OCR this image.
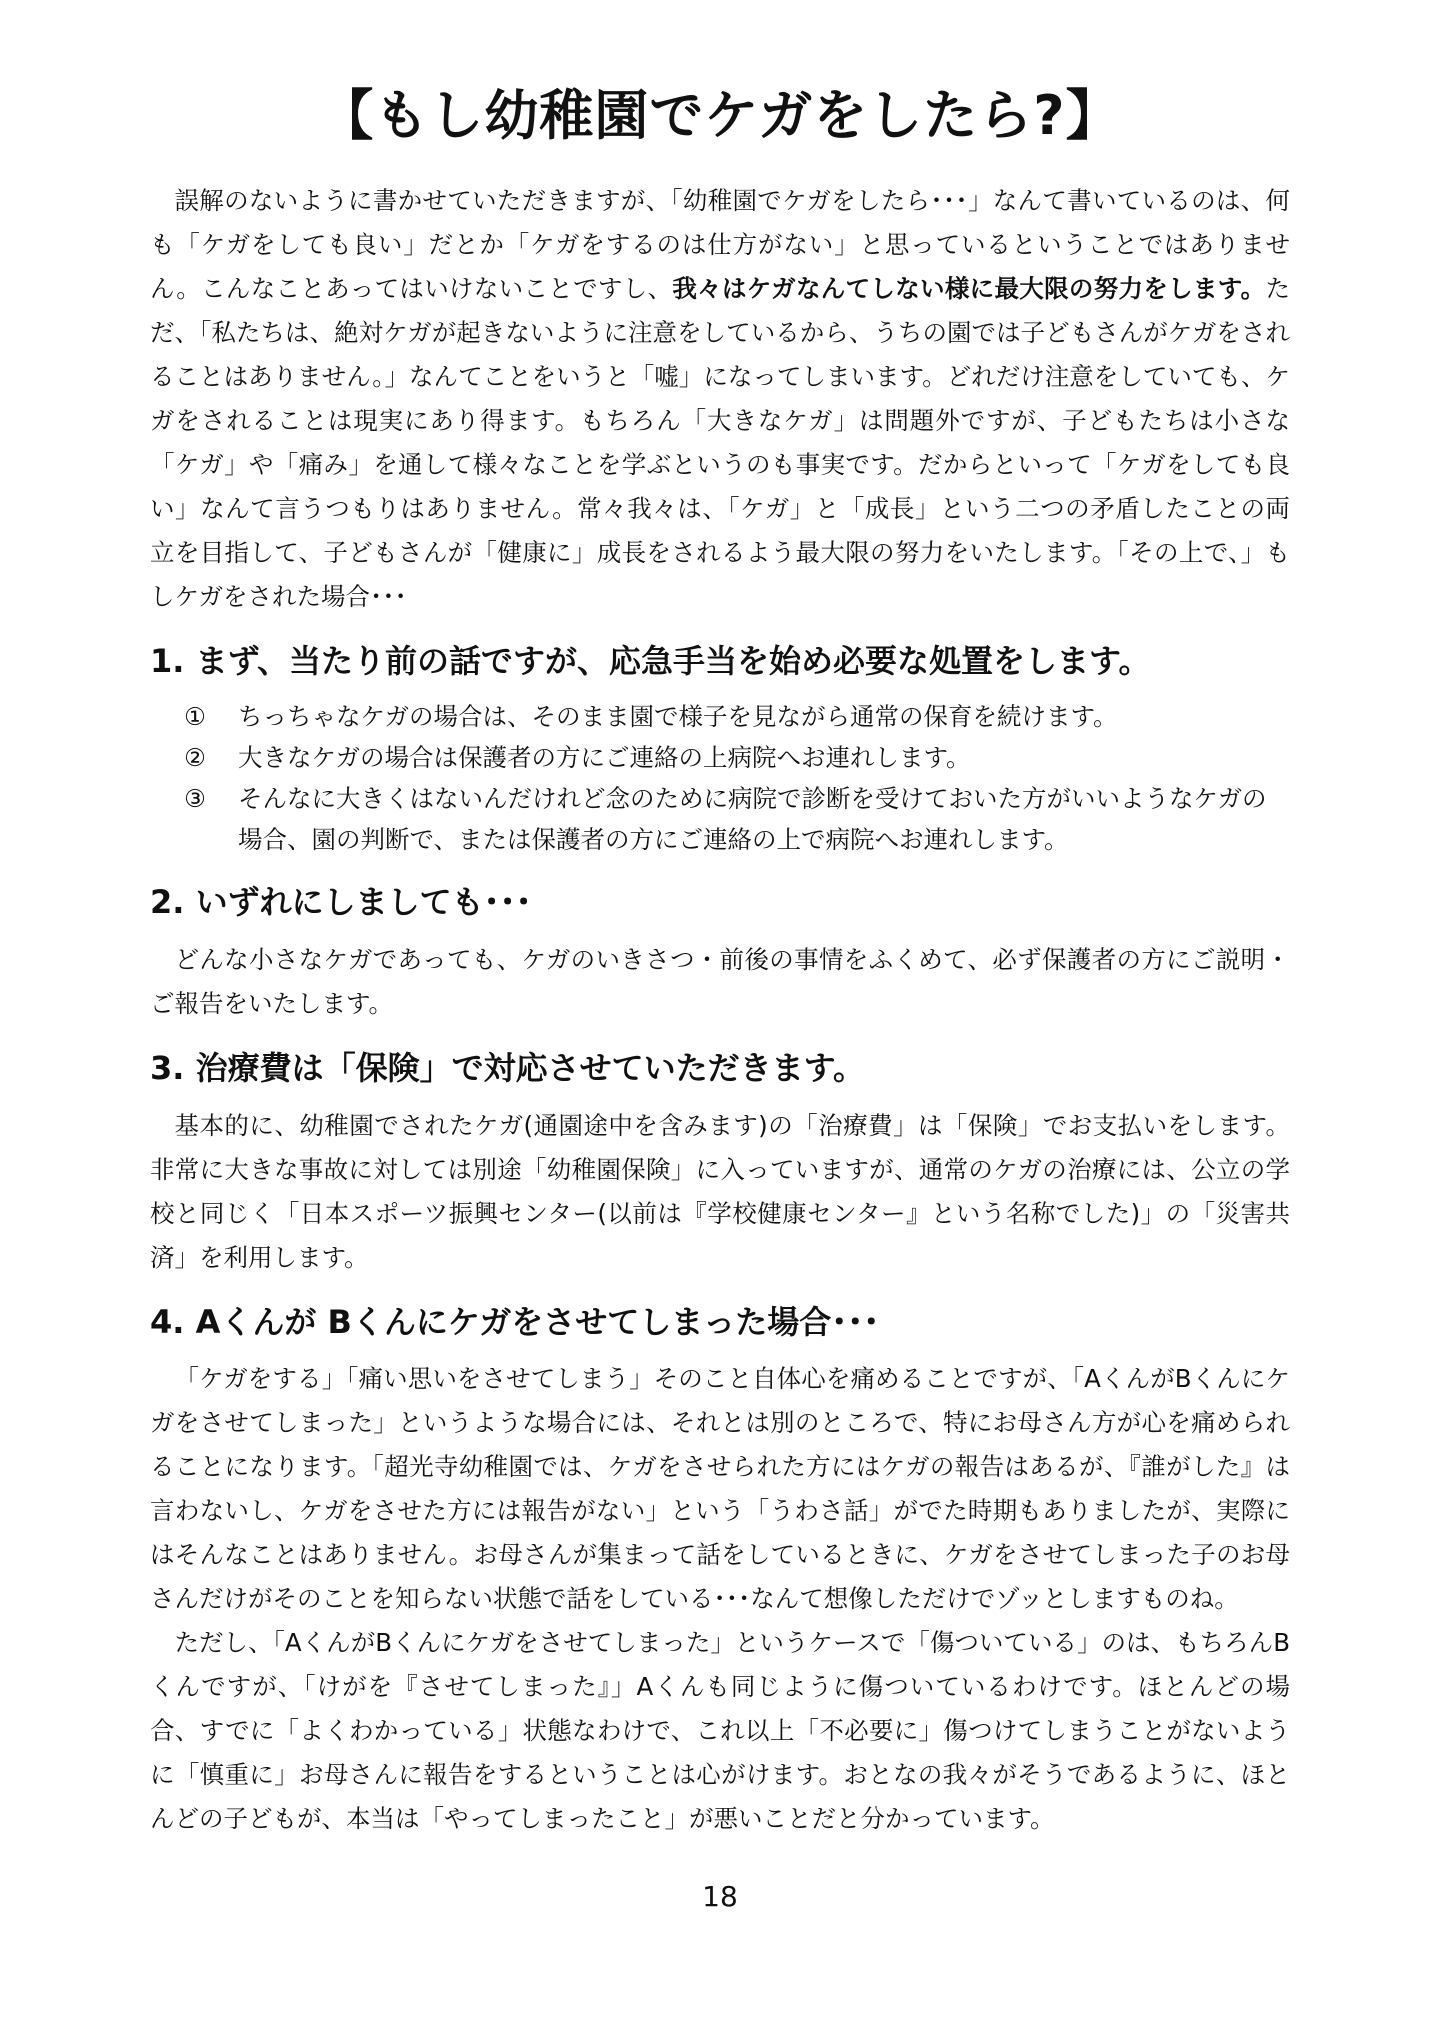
【もし幼稚園でケガをしたら?】

誤解のないように書かせていただきますが、「幼稚園でケガをしたら･･･」なんて書いているのは、何も「ケガをしても良い」だとか「ケガをするのは仕方がない」と思っているということではありません。こんなことあってはいけないことですし、我々はケガなんてしない様に最大限の努力をします。ただ、「私たちは、絶対ケガが起きないように注意をしているから、うちの園では子どもさんがケガをされることはありません。」なんてことをいうと「嘘」になってしまいます。どれだけ注意をしていても、ケガをされることは現実にあり得ます。もちろん「大きなケガ」は問題外ですが、子どもたちは小さな「ケガ」や「痛み」を通して様々なことを学ぶというのも事実です。だからといって「ケガをしても良い」なんて言うつもりはありません。常々我々は、「ケガ」と「成長」という二つの矛盾したことの両立を目指して、子どもさんが「健康に」成長をされるよう最大限の努力をいたします。「その上で、」もしケガをされた場合･･･

1. まず、当たり前の話ですが、応急手当を始め必要な処置をします。
①	ちっちゃなケガの場合は、そのまま園で様子を見ながら通常の保育を続けます。
②	大きなケガの場合は保護者の方にご連絡の上病院へお連れします。
③	そんなに大きくはないんだけれど念のために病院で診断を受けておいた方がいいようなケガの場合、園の判断で、または保護者の方にご連絡の上で病院へお連れします。
2. いずれにしましても･･･

どんな小さなケガであっても、ケガのいきさつ・前後の事情をふくめて、必ず保護者の方にご説明・ご報告をいたします。

3. 治療費は「保険」で対応させていただきます。

基本的に、幼稚園でされたケガ(通園途中を含みます)の「治療費」は「保険」でお支払いをします。非常に大きな事故に対しては別途「幼稚園保険」に入っていますが、通常のケガの治療には、公立の学校と同じく「日本スポーツ振興センター(以前は『学校健康センター』という名称でした)」の「災害共済」を利用します。

4. Aくんが Bくんにケガをさせてしまった場合･･･

「ケガをする」「痛い思いをさせてしまう」そのこと自体心を痛めることですが、「AくんがBくんにケガをさせてしまった」というような場合には、それとは別のところで、特にお母さん方が心を痛められることになります。「超光寺幼稚園では、ケガをさせられた方にはケガの報告はあるが、『誰がした』は言わないし、ケガをさせた方には報告がない」という「うわさ話」がでた時期もありましたが、実際にはそんなことはありません。お母さんが集まって話をしているときに、ケガをさせてしまった子のお母さんだけがそのことを知らない状態で話をしている･･･なんて想像しただけでゾッとしますものね。

ただし、「AくんがBくんにケガをさせてしまった」というケースで「傷ついている」のは、もちろんBくんですが、「けがを『させてしまった』」Aくんも同じように傷ついているわけです。ほとんどの場合、すでに「よくわかっている」状態なわけで、これ以上「不必要に」傷つけてしまうことがないように「慎重に」お母さんに報告をするということは心がけます。おとなの我々がそうであるように、ほとんどの子どもが、本当は「やってしまったこと」が悪いことだと分かっています。

18
